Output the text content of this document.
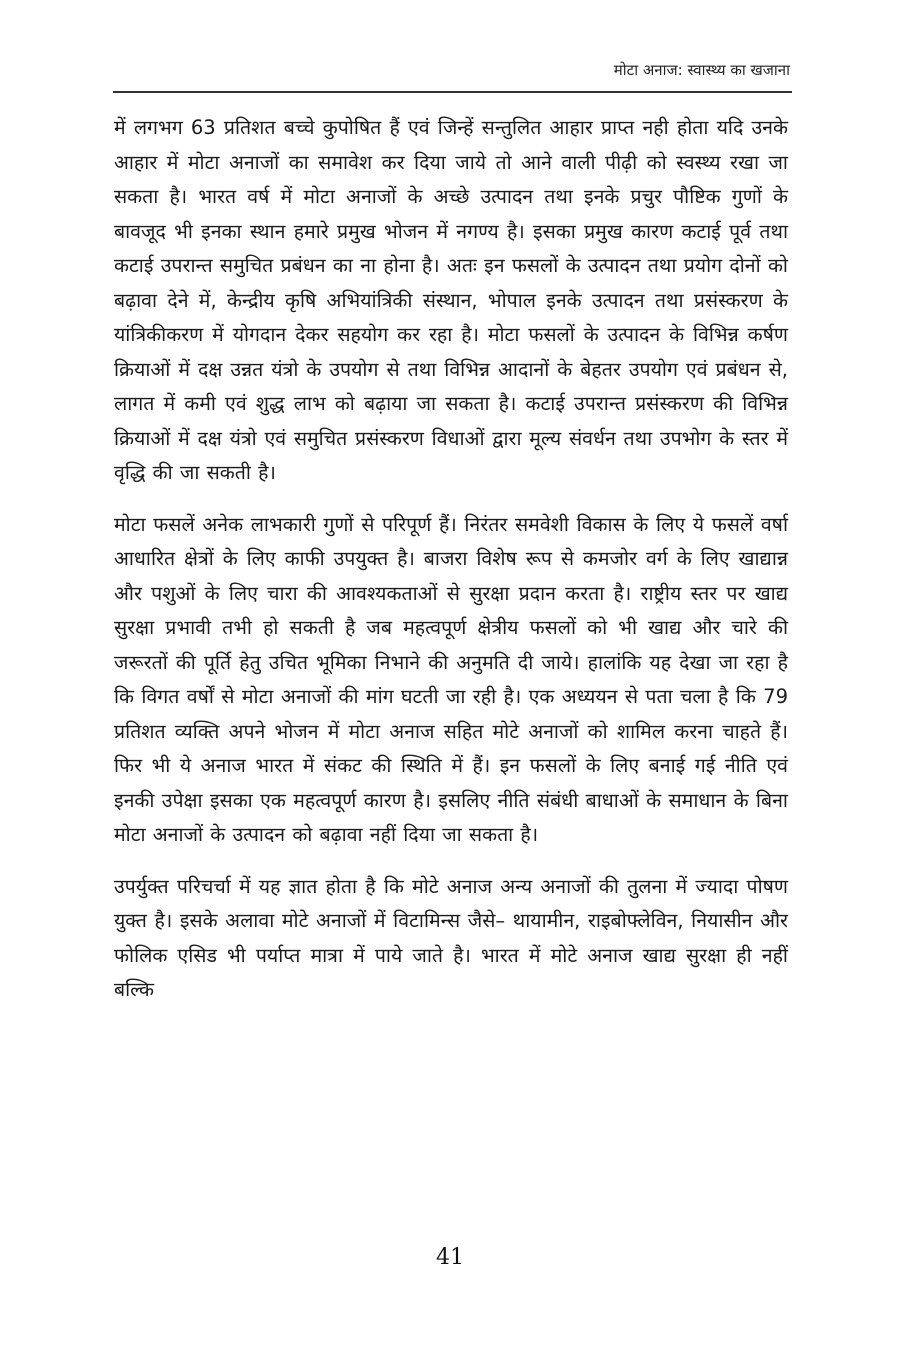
मोटा अनाज: स्वास्थ्य का खजाना

में लगभग 63 प्रतिशत बच्चे कुपोषित हैं एवं जिन्हें सन्तुलित आहार प्राप्त नही होता यदि उनके आहार में मोटा अनाजों का समावेश कर दिया जाये तो आने वाली पीढ़ी को स्वस्थ्य रखा जा सकता है। भारत वर्ष में मोटा अनाजों के अच्छे उत्पादन तथा इनके प्रचुर पौष्टिक गुणों के बावजूद भी इनका स्थान हमारे प्रमुख भोजन में नगण्य है। इसका प्रमुख कारण कटाई पूर्व तथा कटाई उपरान्त समुचित प्रबंधन का ना होना है। अतः इन फसलों के उत्पादन तथा प्रयोग दोनों को बढ़ावा देने में, केन्द्रीय कृषि अभियांत्रिकी संस्थान, भोपाल इनके उत्पादन तथा प्रसंस्करण के यांत्रिकीकरण में योगदान देकर सहयोग कर रहा है। मोटा फसलों के उत्पादन के विभिन्न कर्षण क्रियाओं में दक्ष उन्नत यंत्रो के उपयोग से तथा विभिन्न आदानों के बेहतर उपयोग एवं प्रबंधन से, लागत में कमी एवं शुद्ध लाभ को बढ़ाया जा सकता है। कटाई उपरान्त प्रसंस्करण की विभिन्न क्रियाओं में दक्ष यंत्रो एवं समुचित प्रसंस्करण विधाओं द्वारा मूल्य संवर्धन तथा उपभोग के स्तर में वृद्धि की जा सकती है।

मोटा फसलें अनेक लाभकारी गुणों से परिपूर्ण हैं। निरंतर समवेशी विकास के लिए ये फसलें वर्षा आधारित क्षेत्रों के लिए काफी उपयुक्त है। बाजरा विशेष रूप से कमजोर वर्ग के लिए खाद्यान्न और पशुओं के लिए चारा की आवश्यकताओं से सुरक्षा प्रदान करता है। राष्ट्रीय स्तर पर खाद्य सुरक्षा प्रभावी तभी हो सकती है जब महत्वपूर्ण क्षेत्रीय फसलों को भी खाद्य और चारे की जरूरतों की पूर्ति हेतु उचित भूमिका निभाने की अनुमति दी जाये। हालांकि यह देखा जा रहा है कि विगत वर्षों से मोटा अनाजों की मांग घटती जा रही है। एक अध्ययन से पता चला है कि 79 प्रतिशत व्यक्ति अपने भोजन में मोटा अनाज सहित मोटे अनाजों को शामिल करना चाहते हैं। फिर भी ये अनाज भारत में संकट की स्थिति में हैं। इन फसलों के लिए बनाई गई नीति एवं इनकी उपेक्षा इसका एक महत्वपूर्ण कारण है। इसलिए नीति संबंधी बाधाओं के समाधान के बिना मोटा अनाजों के उत्पादन को बढ़ावा नहीं दिया जा सकता है।

उपर्युक्त परिचर्चा में यह ज्ञात होता है कि मोटे अनाज अन्य अनाजों की तुलना में ज्यादा पोषण युक्त है। इसके अलावा मोटे अनाजों में विटामिन्स जैसे– थायामीन, राइबोफ्लेविन, नियासीन और फोलिक एसिड भी पर्याप्त मात्रा में पाये जाते है। भारत में मोटे अनाज खाद्य सुरक्षा ही नहीं बल्कि

41
